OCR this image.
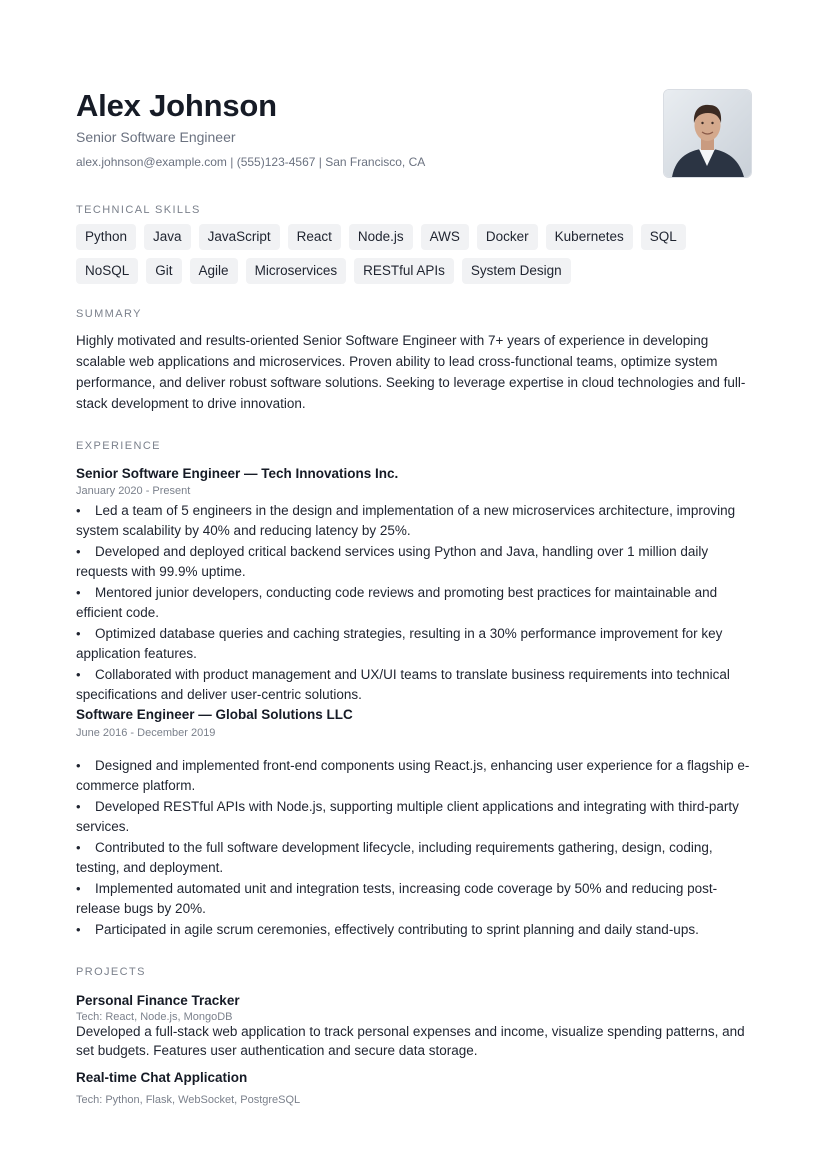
Alex Johnson
Senior Software Engineer
alex.johnson@example.com | (555)123-4567 | San Francisco, CA
TECHNICAL SKILLS
Python	Java	JavaScript	React	Node.js	AWS	Docker	Kubernetes	SQL
NoSQL	Git	Agile	Microservices	RESTful APIs	System Design
SUMMARY
Highly motivated and results-oriented Senior Software Engineer with 7+ years of experience in developing scalable web applications and microservices. Proven ability to lead cross-functional teams, optimize system performance, and deliver robust software solutions. Seeking to leverage expertise in cloud technologies and full-stack development to drive innovation.
EXPERIENCE
Senior Software Engineer — Tech Innovations Inc.
January 2020 - Present
• Led a team of 5 engineers in the design and implementation of a new microservices architecture, improving system scalability by 40% and reducing latency by 25%.
• Developed and deployed critical backend services using Python and Java, handling over 1 million daily requests with 99.9% uptime.
• Mentored junior developers, conducting code reviews and promoting best practices for maintainable and efficient code.
• Optimized database queries and caching strategies, resulting in a 30% performance improvement for key application features.
• Collaborated with product management and UX/UI teams to translate business requirements into technical specifications and deliver user-centric solutions.
Software Engineer — Global Solutions LLC
June 2016 - December 2019
• Designed and implemented front-end components using React.js, enhancing user experience for a flagship e-commerce platform.
• Developed RESTful APIs with Node.js, supporting multiple client applications and integrating with third-party services.
• Contributed to the full software development lifecycle, including requirements gathering, design, coding, testing, and deployment.
• Implemented automated unit and integration tests, increasing code coverage by 50% and reducing post-release bugs by 20%.
• Participated in agile scrum ceremonies, effectively contributing to sprint planning and daily stand-ups.
PROJECTS
Personal Finance Tracker
Tech: React, Node.js, MongoDB
Developed a full-stack web application to track personal expenses and income, visualize spending patterns, and set budgets. Features user authentication and secure data storage.
Real-time Chat Application
Tech: Python, Flask, WebSocket, PostgreSQL
